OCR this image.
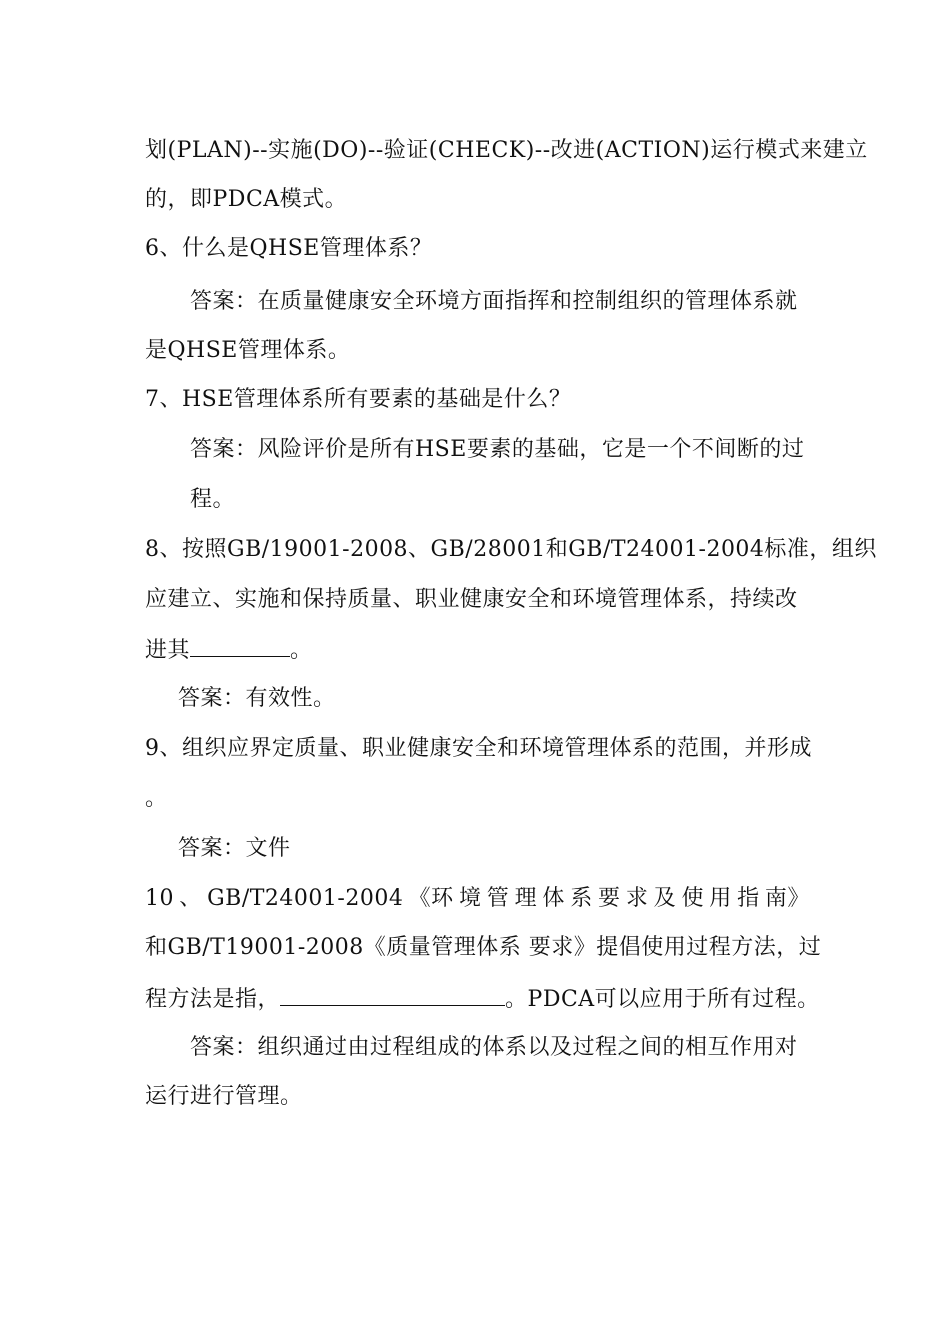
划(PLAN)--实施(DO)--验证(CHECK)--改进(ACTION)运行模式来建立
的，即PDCA模式。
6、什么是QHSE管理体系？
答案：在质量健康安全环境方面指挥和控制组织的管理体系就
是QHSE管理体系。
7、HSE管理体系所有要素的基础是什么？
答案：风险评价是所有HSE要素的基础，它是一个不间断的过
程。
8、按照GB/19001-2008、GB/28001和GB/T24001-2004标准，组织
应建立、实施和保持质量、职业健康安全和环境管理体系，持续改
进其	。
答案：有效性。
9、组织应界定质量、职业健康安全和环境管理体系的范围，并形成
。
答案：文件
10 、 GB/T24001-2004 《环 境 管 理 体 系 要 求 及 使 用 指 南》
和GB/T19001-2008《质量管理体系 要求》提倡使用过程方法，过
程方法是指，	。PDCA可以应用于所有过程。
答案：组织通过由过程组成的体系以及过程之间的相互作用对
运行进行管理。
